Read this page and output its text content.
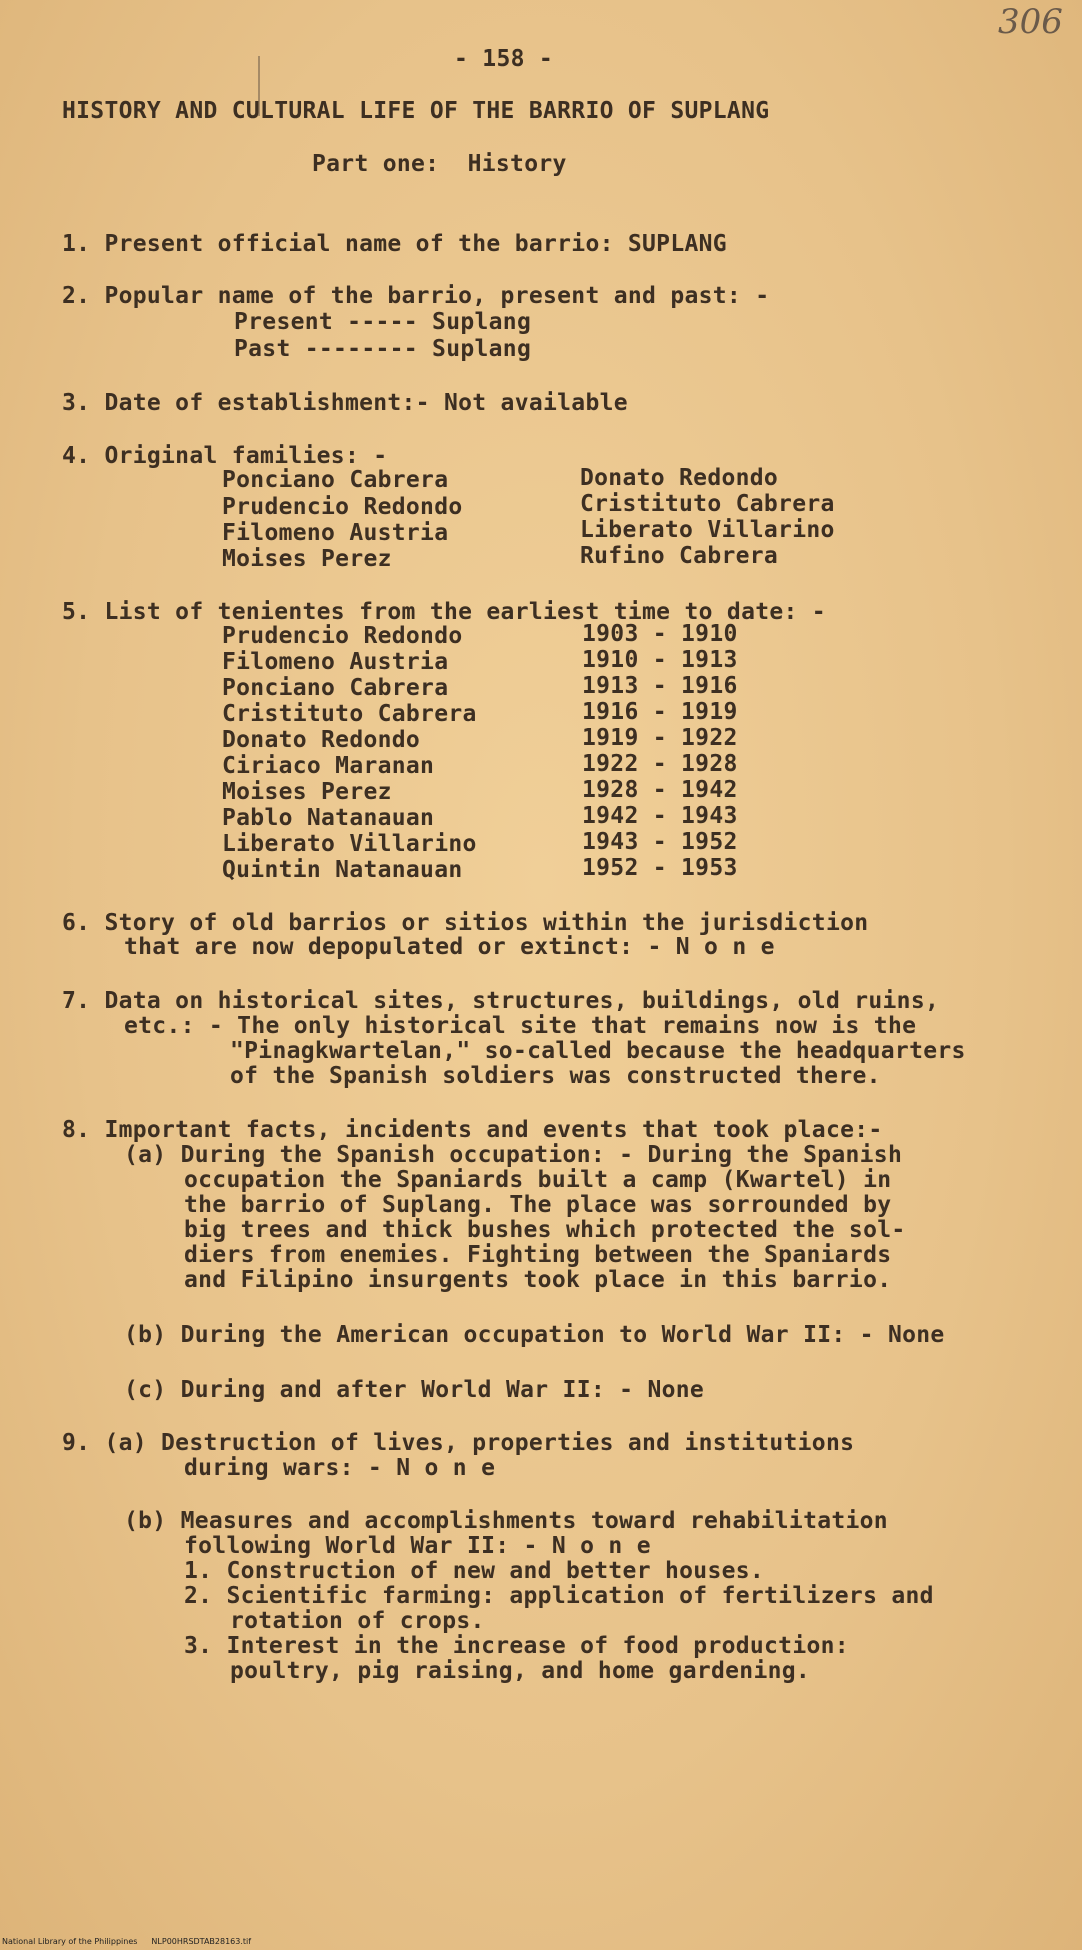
306
- 158 -
HISTORY AND CULTURAL LIFE OF THE BARRIO OF SUPLANG
Part one:  History
1. Present official name of the barrio: SUPLANG
2. Popular name of the barrio, present and past: -
Present ----- Suplang
Past -------- Suplang
3. Date of establishment:- Not available
4. Original families: -
Ponciano Cabrera	Donato Redondo
Prudencio Redondo	Cristituto Cabrera
Filomeno Austria	Liberato Villarino
Moises Perez	Rufino Cabrera
5. List of tenientes from the earliest time to date: -
Prudencio Redondo	1903 - 1910
Filomeno Austria	1910 - 1913
Ponciano Cabrera	1913 - 1916
Cristituto Cabrera	1916 - 1919
Donato Redondo	1919 - 1922
Ciriaco Maranan	1922 - 1928
Moises Perez	1928 - 1942
Pablo Natanauan	1942 - 1943
Liberato Villarino	1943 - 1952
Quintin Natanauan	1952 - 1953
6. Story of old barrios or sitios within the jurisdiction
that are now depopulated or extinct: - N o n e
7. Data on historical sites, structures, buildings, old ruins,
etc.: - The only historical site that remains now is the
"Pinagkwartelan," so-called because the headquarters
of the Spanish soldiers was constructed there.
8. Important facts, incidents and events that took place:-
(a) During the Spanish occupation: - During the Spanish
occupation the Spaniards built a camp (Kwartel) in
the barrio of Suplang. The place was sorrounded by
big trees and thick bushes which protected the sol-
diers from enemies. Fighting between the Spaniards
and Filipino insurgents took place in this barrio.
(b) During the American occupation to World War II: - None
(c) During and after World War II: - None
9. (a) Destruction of lives, properties and institutions
during wars: - N o n e
(b) Measures and accomplishments toward rehabilitation
following World War II: - N o n e
1. Construction of new and better houses.
2. Scientific farming: application of fertilizers and
rotation of crops.
3. Interest in the increase of food production:
poultry, pig raising, and home gardening.
National Library of the Philippines NLP00HRSDTAB28163.tif
